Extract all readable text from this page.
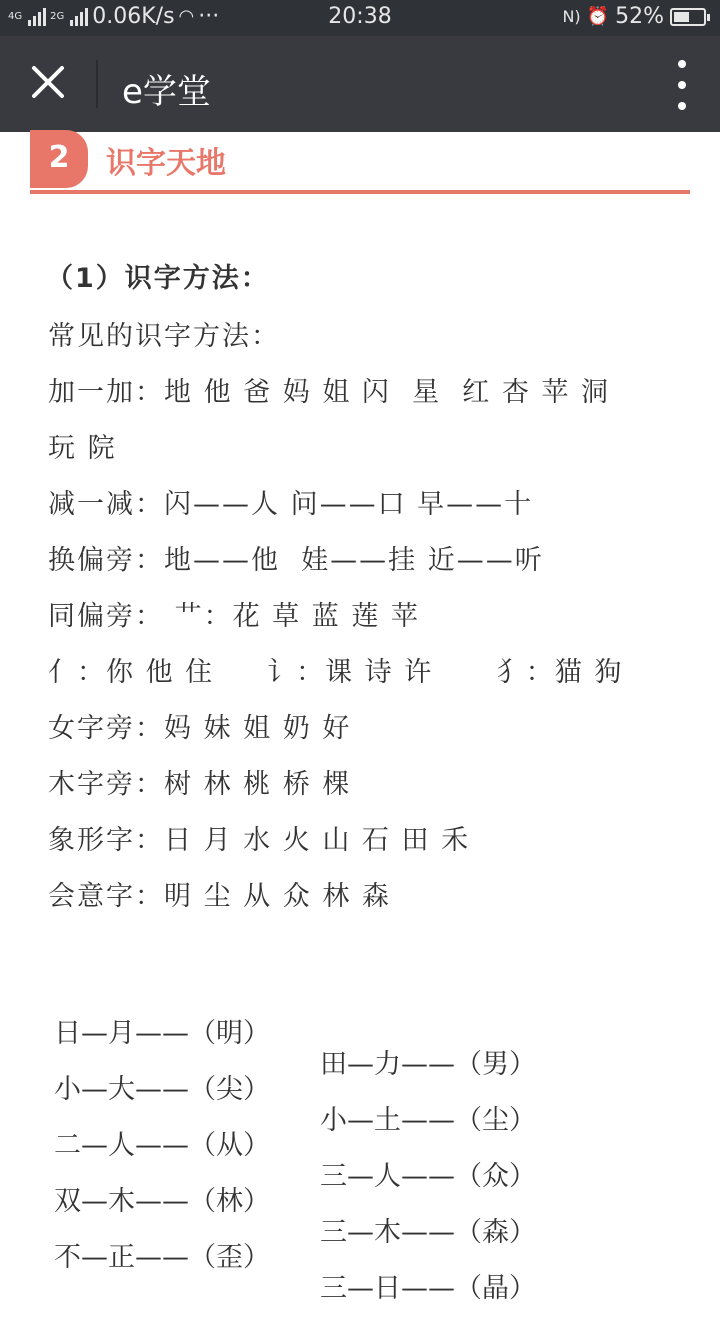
4G	2G 0.06K/s ◠ ···	20:38	N) ⏰ 52%
e学堂
2	识字天地
（1）识字方法：
常见的识字方法：
加一加：地 他 爸 妈 姐 闪  星  红 杏 苹 洞
玩 院
减一减：闪——人 问——口 早——十
换偏旁：地——他  娃——挂 近——听
同偏旁： 艹：花 草 蓝 莲 苹
亻：你 他 住     讠：课 诗 许      犭：猫 狗
女字旁：妈 妹 姐 奶 好
木字旁：树 林 桃 桥 棵
象形字：日 月 水 火 山 石 田 禾
会意字：明 尘 从 众 林 森

日—月——（明）

田—力——（男）

小—大——（尖）

小—土——（尘）

二—人——（从）

三—人——（众）

双—木——（林）

三—木——（森）

不—正——（歪）

三—日——（晶）
